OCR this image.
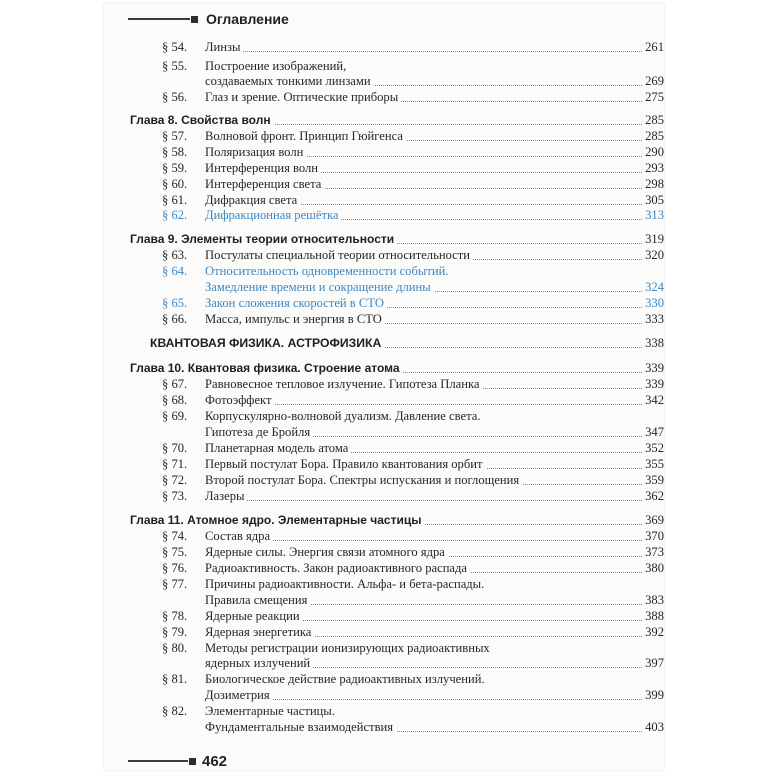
Оглавление
§ 54. Линзы	261
§ 55. Построение изображений,
создаваемых тонкими линзами	269
§ 56. Глаз и зрение. Оптические приборы	275
Глава 8. Свойства волн	285
§ 57. Волновой фронт. Принцип Гюйгенса	285
§ 58. Поляризация волн	290
§ 59. Интерференция волн	293
§ 60. Интерференция света	298
§ 61. Дифракция света	305
§ 62. Дифракционная решётка	313
Глава 9. Элементы теории относительности	319
§ 63. Постулаты специальной теории относительности	320
§ 64. Относительность одновременности событий.
Замедление времени и сокращение длины	324
§ 65. Закон сложения скоростей в СТО	330
§ 66. Масса, импульс и энергия в СТО	333
КВАНТОВАЯ ФИЗИКА. АСТРОФИЗИКА	338
Глава 10. Квантовая физика. Строение атома	339
§ 67. Равновесное тепловое излучение. Гипотеза Планка	339
§ 68. Фотоэффект	342
§ 69. Корпускулярно-волновой дуализм. Давление света.
Гипотеза де Бройля	347
§ 70. Планетарная модель атома	352
§ 71. Первый постулат Бора. Правило квантования орбит	355
§ 72. Второй постулат Бора. Спектры испускания и поглощения	359
§ 73. Лазеры	362
Глава 11. Атомное ядро. Элементарные частицы	369
§ 74. Состав ядра	370
§ 75. Ядерные силы. Энергия связи атомного ядра	373
§ 76. Радиоактивность. Закон радиоактивного распада	380
§ 77. Причины радиоактивности. Альфа- и бета-распады.
Правила смещения	383
§ 78. Ядерные реакции	388
§ 79. Ядерная энергетика	392
§ 80. Методы регистрации ионизирующих радиоактивных
ядерных излучений	397
§ 81. Биологическое действие радиоактивных излучений.
Дозиметрия	399
§ 82. Элементарные частицы.
Фундаментальные взаимодействия	403
462
